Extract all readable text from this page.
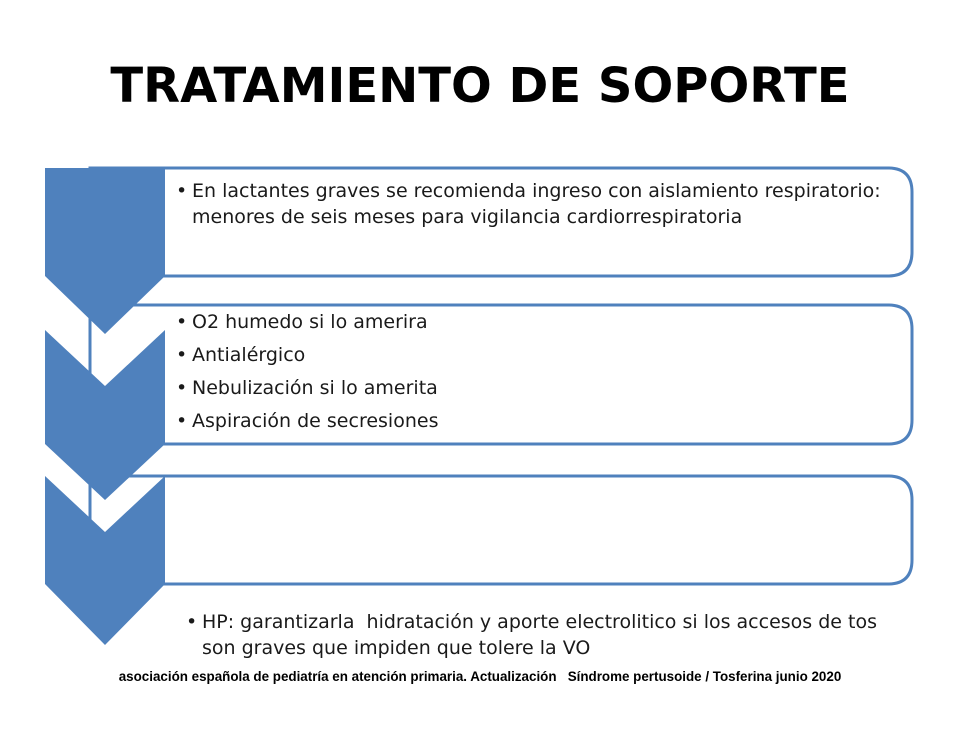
TRATAMIENTO DE SOPORTE
• En lactantes graves se recomienda ingreso con aislamiento respiratorio: menores de seis meses para vigilancia cardiorrespiratoria
• O2 humedo si lo amerira
• Antialérgico
• Nebulización si lo amerita
• Aspiración de secresiones

• HP: garantizarla  hidratación y aporte electrolitico si los accesos de tos son graves que impiden que tolere la VO

asociación española de pediatría en atención primaria. Actualización   Síndrome pertusoide / Tosferina junio 2020
